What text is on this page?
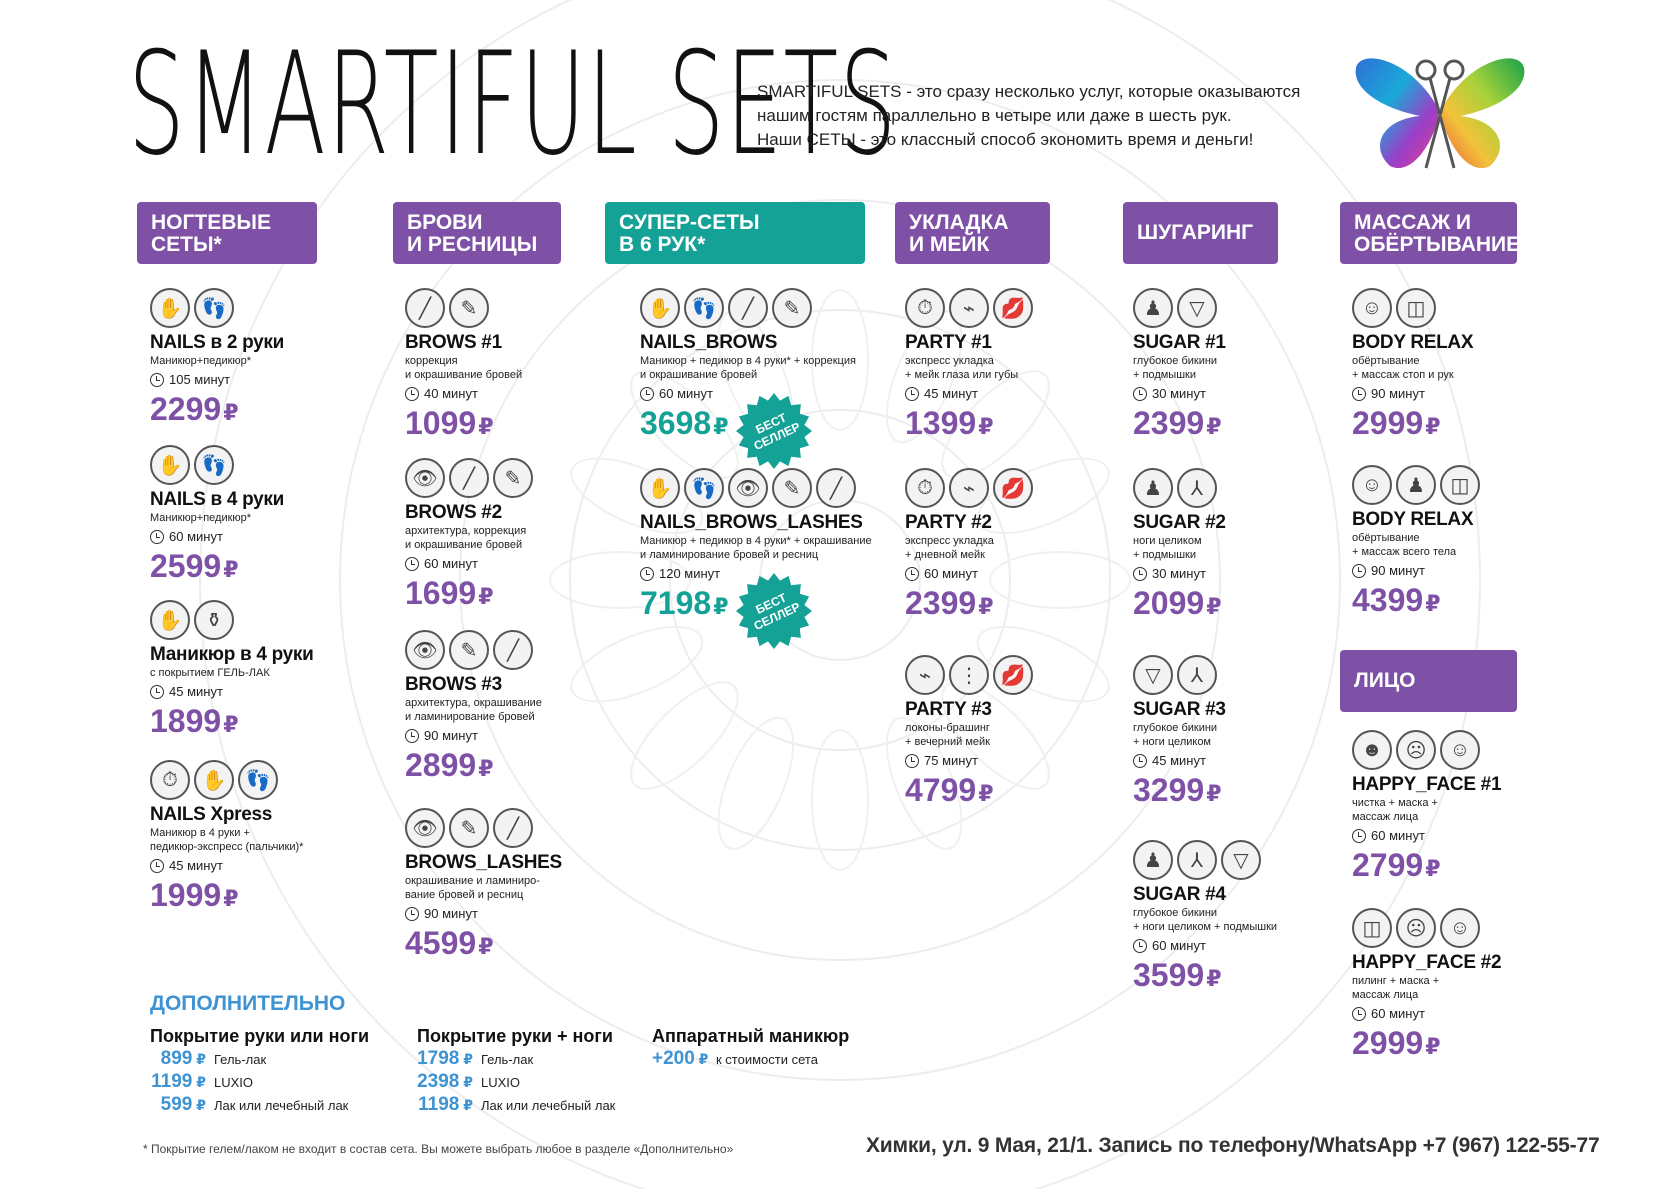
SMARTIFUL SETS

SMARTIFUL SETS - это сразу несколько услуг, которые оказываются

нашим гостям параллельно в четыре или даже в шесть рук.

Наши СЕТЫ - это классный способ экономить время и деньги!

НОГТЕВЫЕ
СЕТЫ*
БРОВИ
И РЕСНИЦЫ
СУПЕР-СЕТЫ
В 6 РУК*
УКЛАДКА
И МЕЙК
ШУГАРИНГ	МАССАЖ И
ОБЁРТЫВАНИЕ
ЛИЦО
✋ 👣
NAILS в 2 руки
Маникюр+педикюр*
105 минут
2299 ₽
✋ 👣
NAILS в 4 руки
Маникюр+педикюр*
60 минут
2599 ₽
✋	⚱
Маникюр в 4 руки
с покрытием ГЕЛЬ-ЛАК
45 минут
1899 ₽
⏱	✋ 👣
NAILS Xpress
Маникюр в 4 руки +
педикюр-экспресс (пальчики)*
45 минут
1999 ₽
╱	✎
BROWS #1
коррекция
и окрашивание бровей
40 минут
1099 ₽
👁	╱	✎
BROWS #2
архитектура, коррекция
и окрашивание бровей
60 минут
1699 ₽
👁	✎	╱
BROWS #3
архитектура, окрашивание
и ламинирование бровей
90 минут
2899 ₽
👁	✎	╱
BROWS_LASHES
окрашивание и ламиниро-
вание бровей и ресниц
90 минут
4599 ₽
✋ 👣	╱	✎
NAILS_BROWS
Маникюр + педикюр в 4 руки* + коррекция
и окрашивание бровей
60 минут
3698 ₽
✋ 👣 👁	✎	╱
NAILS_BROWS_LASHES
Маникюр + педикюр в 4 руки* + окрашивание
и ламинирование бровей и ресниц
120 минут
7198 ₽
⏱	⌁	💋
PARTY #1
экспресс укладка
+ мейк глаза или губы
45 минут
1399 ₽
⏱	⌁	💋
PARTY #2
экспресс укладка
+ дневной мейк
60 минут
2399 ₽
⌁	⋮	💋
PARTY #3
локоны-брашинг
+ вечерний мейк
75 минут
4799 ₽
♟	▽
SUGAR #1
глубокое бикини
+ подмышки
30 минут
2399 ₽
♟	⅄
SUGAR #2
ноги целиком
+ подмышки
30 минут
2099 ₽
▽	⅄
SUGAR #3
глубокое бикини
+ ноги целиком
45 минут
3299 ₽
♟	⅄	▽
SUGAR #4
глубокое бикини
+ ноги целиком + подмышки
60 минут
3599 ₽
☺	◫
BODY RELAX
обёртывание
+ массаж стоп и рук
90 минут
2999 ₽
☺	♟	◫
BODY RELAX
обёртывание
+ массаж всего тела
90 минут
4399 ₽
☻	☹	☺
HAPPY_FACE #1
чистка + маска +
массаж лица
60 минут
2799 ₽
◫	☹	☺
HAPPY_FACE #2
пилинг + маска +
массаж лица
60 минут
2999 ₽
ДОПОЛНИТЕЛЬНО
Покрытие руки или ноги
899 ₽ Гель-лак
1199 ₽ LUXIO
599 ₽ Лак или лечебный лак
Покрытие руки + ноги
1798 ₽ Гель-лак
2398 ₽ LUXIO
1198 ₽ Лак или лечебный лак
Аппаратный маникюр
+200 ₽ к стоимости сета
* Покрытие гелем/лаком не входит в состав сета. Вы можете выбрать любое в разделе «Дополнительно»	Химки, ул. 9 Мая, 21/1. Запись по телефону/WhatsApp +7 (967) 122-55-77
БЕСТ
СЕЛЛЕР
БЕСТ
СЕЛЛЕР
